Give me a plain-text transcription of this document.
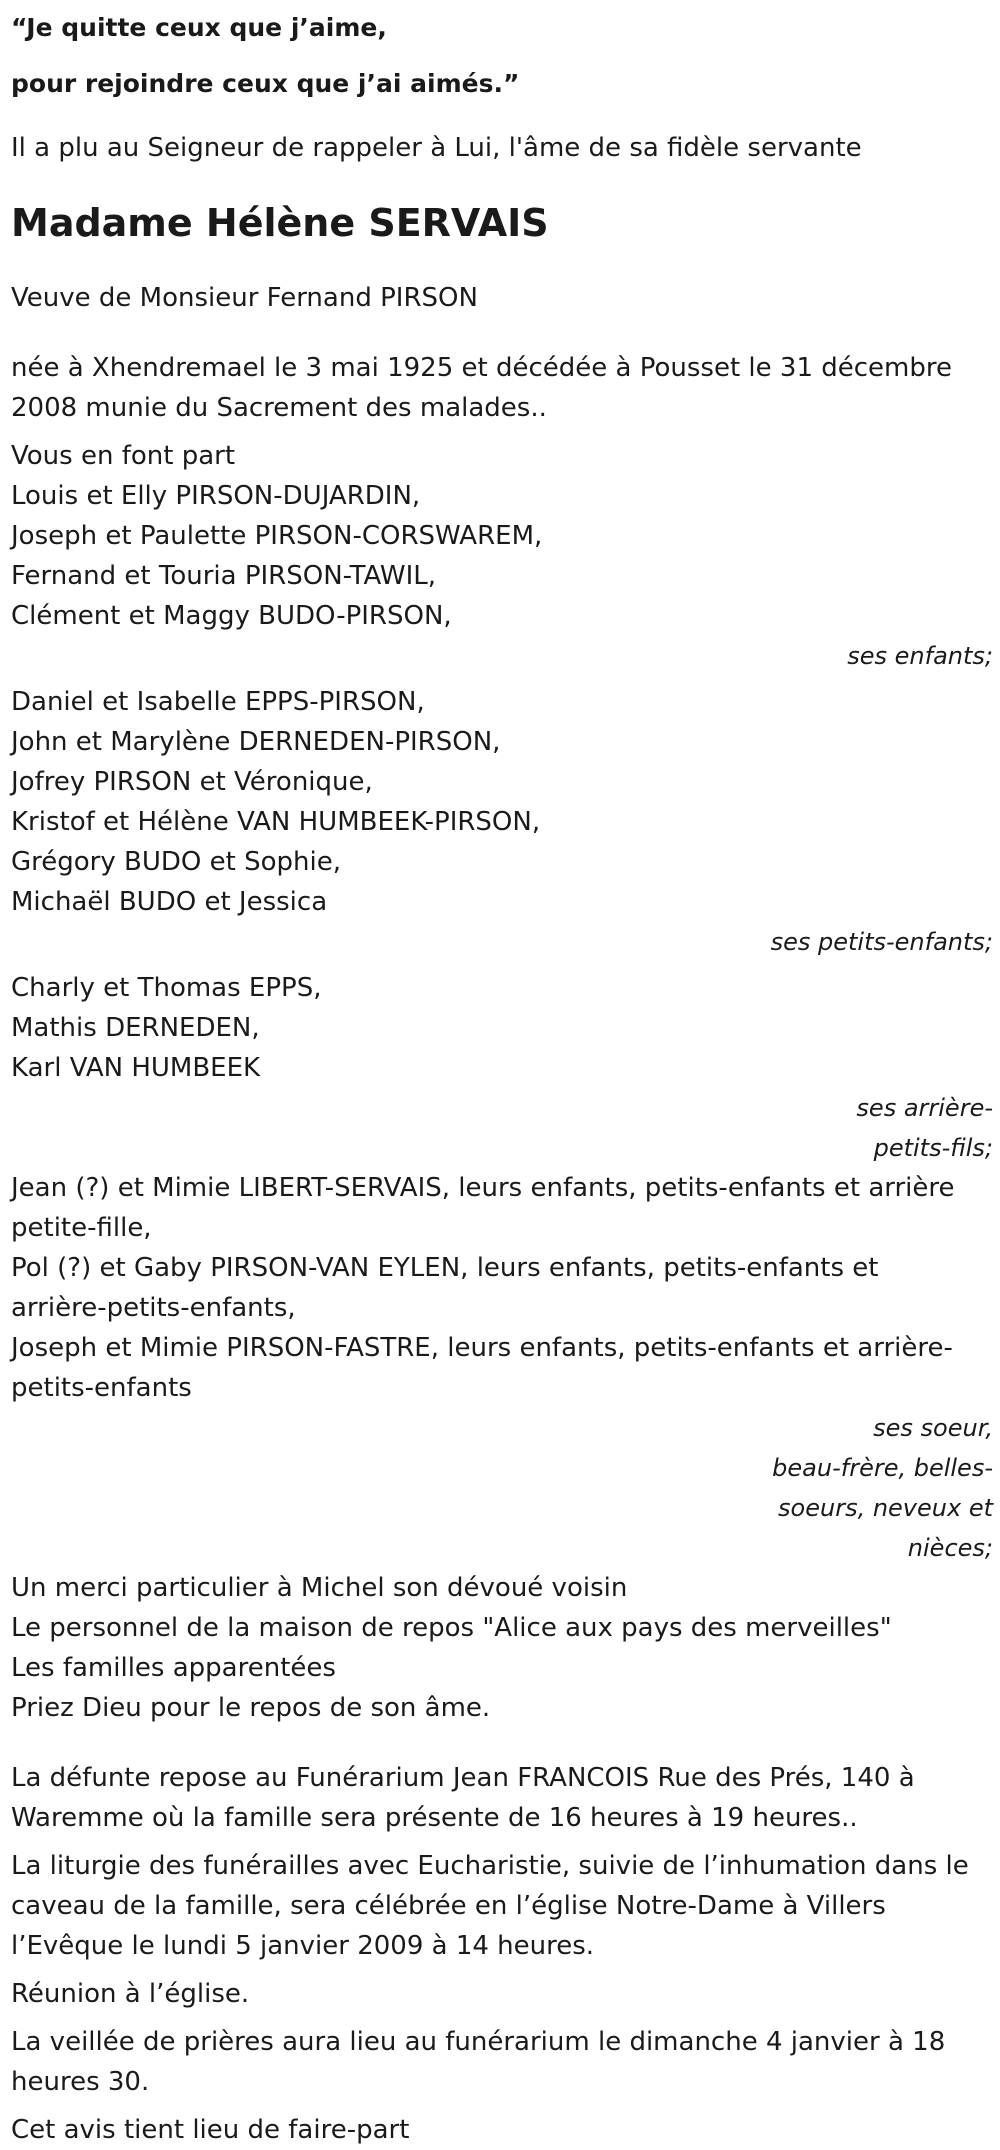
“Je quitte ceux que j’aime,
pour rejoindre ceux que j’ai aimés.”
Il a plu au Seigneur de rappeler à Lui, l'âme de sa fidèle servante
Madame Hélène SERVAIS
Veuve de Monsieur Fernand PIRSON
née à Xhendremael le 3 mai 1925 et décédée à Pousset le 31 décembre
2008 munie du Sacrement des malades..
Vous en font part
Louis et Elly PIRSON-DUJARDIN,
Joseph et Paulette PIRSON-CORSWAREM,
Fernand et Touria PIRSON-TAWIL,
Clément et Maggy BUDO-PIRSON,
ses enfants;
Daniel et Isabelle EPPS-PIRSON,
John et Marylène DERNEDEN-PIRSON,
Jofrey PIRSON et Véronique,
Kristof et Hélène VAN HUMBEEK-PIRSON,
Grégory BUDO et Sophie,
Michaël BUDO et Jessica
ses petits-enfants;
Charly et Thomas EPPS,
Mathis DERNEDEN,
Karl VAN HUMBEEK
ses arrière-
petits-fils;
Jean (?) et Mimie LIBERT-SERVAIS, leurs enfants, petits-enfants et arrière
petite-fille,
Pol (?) et Gaby PIRSON-VAN EYLEN, leurs enfants, petits-enfants et
arrière-petits-enfants,
Joseph et Mimie PIRSON-FASTRE, leurs enfants, petits-enfants et arrière-
petits-enfants
ses soeur,
beau-frère, belles-
soeurs, neveux et
nièces;
Un merci particulier à Michel son dévoué voisin
Le personnel de la maison de repos "Alice aux pays des merveilles"
Les familles apparentées
Priez Dieu pour le repos de son âme.
La défunte repose au Funérarium Jean FRANCOIS Rue des Prés, 140 à
Waremme où la famille sera présente de 16 heures à 19 heures..
La liturgie des funérailles avec Eucharistie, suivie de l’inhumation dans le
caveau de la famille, sera célébrée en l’église Notre-Dame à Villers
l’Evêque le lundi 5 janvier 2009 à 14 heures.
Réunion à l’église.
La veillée de prières aura lieu au funérarium le dimanche 4 janvier à 18
heures 30.
Cet avis tient lieu de faire-part
